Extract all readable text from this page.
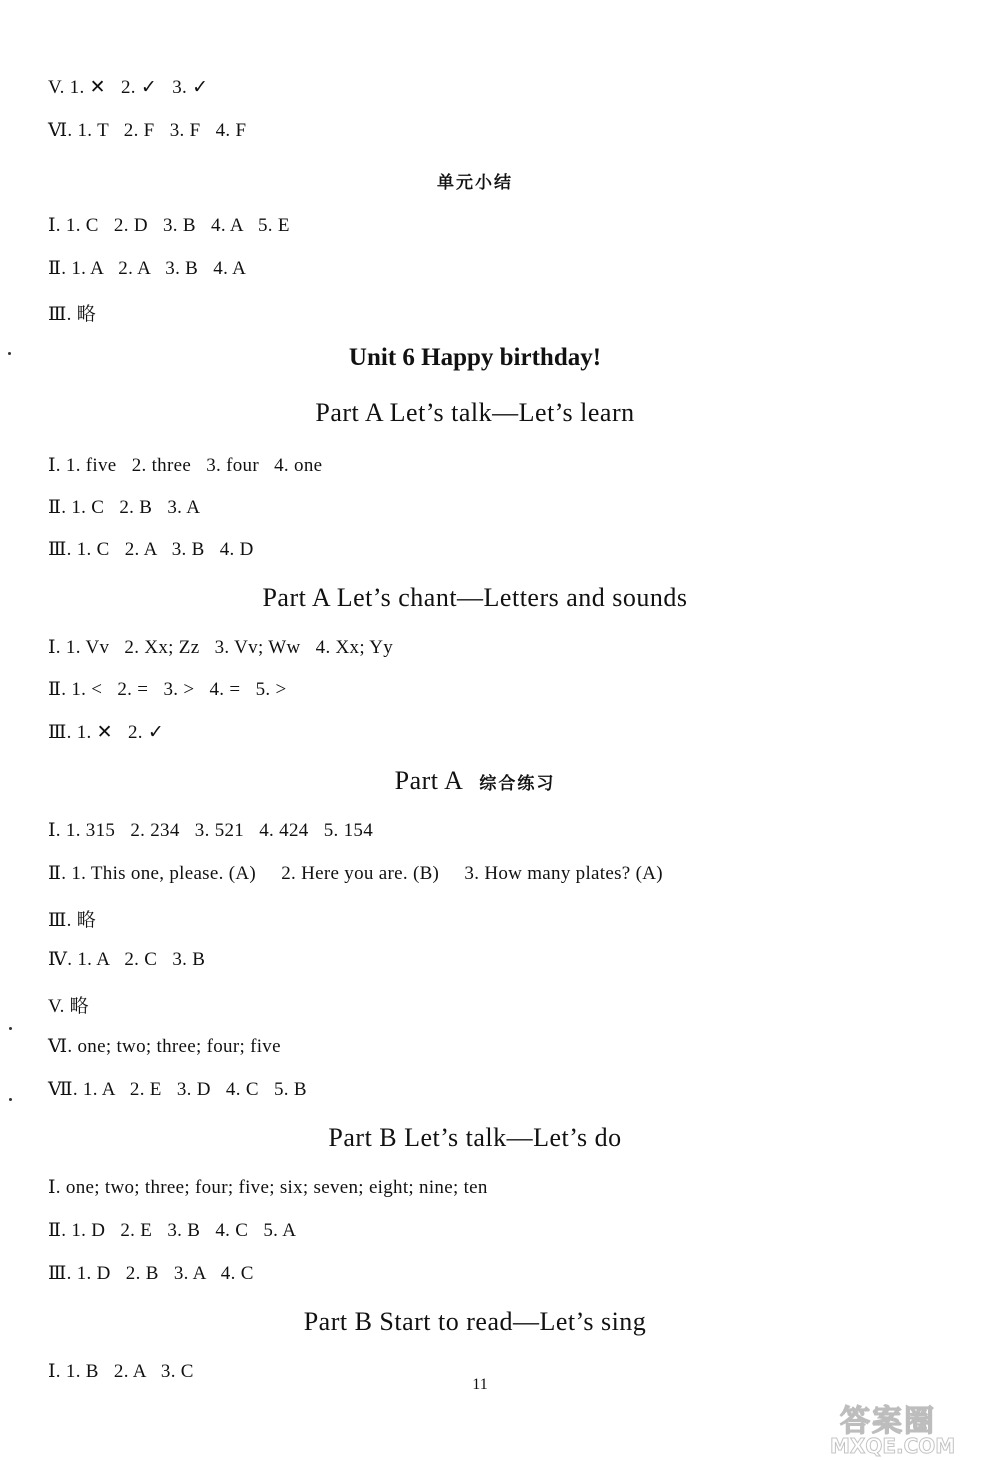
V. 1. ✕   2. ✓   3. ✓
Ⅵ. 1. T   2. F   3. F   4. F
单元小结
Ⅰ. 1. C   2. D   3. B   4. A   5. E
Ⅱ. 1. A   2. A   3. B   4. A
Ⅲ. 略
Unit 6 Happy birthday!
Part A Let’s talk—Let’s learn
Ⅰ. 1. five   2. three   3. four   4. one
Ⅱ. 1. C   2. B   3. A
Ⅲ. 1. C   2. A   3. B   4. D
Part A Let’s chant—Letters and sounds
Ⅰ. 1. Vv   2. Xx; Zz   3. Vv; Ww   4. Xx; Yy
Ⅱ. 1. <   2. =   3. >   4. =   5. >
Ⅲ. 1. ✕   2. ✓
Part A 综合练习
Ⅰ. 1. 315   2. 234   3. 521   4. 424   5. 154
Ⅱ. 1. This one, please. (A)     2. Here you are. (B)     3. How many plates? (A)
Ⅲ. 略
Ⅳ. 1. A   2. C   3. B
V. 略
Ⅵ. one; two; three; four; five
Ⅶ. 1. A   2. E   3. D   4. C   5. B
Part B Let’s talk—Let’s do
Ⅰ. one; two; three; four; five; six; seven; eight; nine; ten
Ⅱ. 1. D   2. E   3. B   4. C   5. A
Ⅲ. 1. D   2. B   3. A   4. C
Part B Start to read—Let’s sing
Ⅰ. 1. B   2. A   3. C
11
答案圈
MXQE.COM
